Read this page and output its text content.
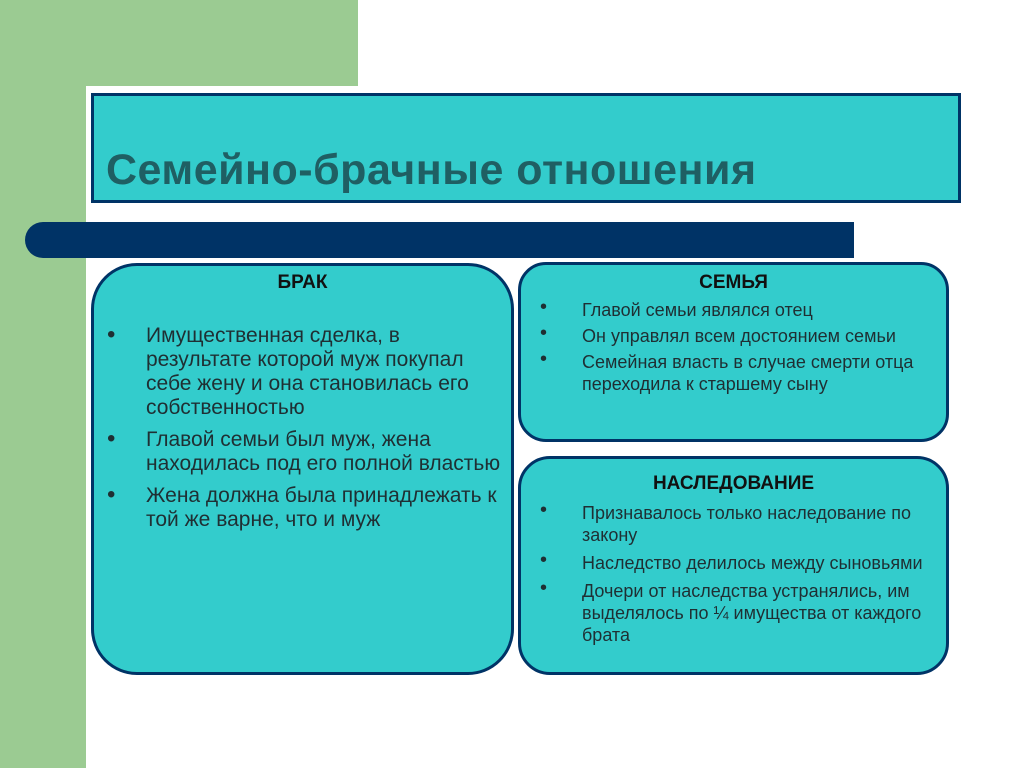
Семейно-брачные отношения
БРАК
• Имущественная сделка, в результате которой муж покупал себе жену и она становилась его собственностью
• Главой семьи был муж, жена находилась под его полной властью
• Жена должна была принадлежать к той же варне, что и муж
СЕМЬЯ
• Главой семьи являлся отец
• Он управлял всем достоянием семьи
• Семейная власть в случае смерти отца переходила к старшему сыну
НАСЛЕДОВАНИЕ
• Признавалось только наследование по закону
• Наследство делилось между сыновьями
• Дочери от наследства устранялись, им выделялось по ¼ имущества от каждого брата
